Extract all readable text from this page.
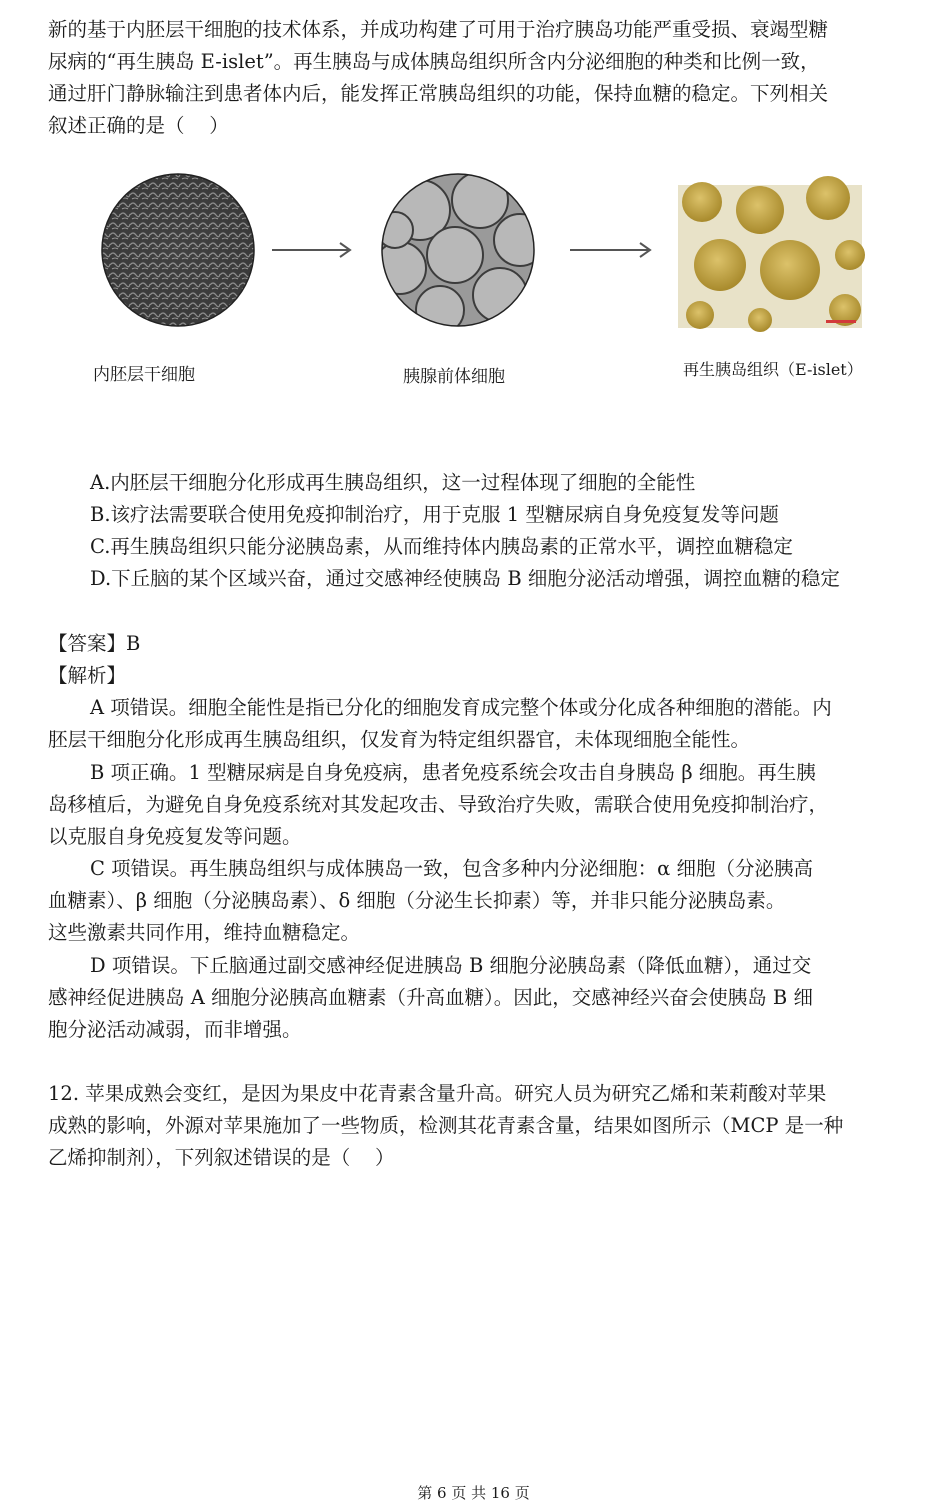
新的基于内胚层干细胞的技术体系，并成功构建了可用于治疗胰岛功能严重受损、衰竭型糖
尿病的“再生胰岛 E-islet”。再生胰岛与成体胰岛组织所含内分泌细胞的种类和比例一致，
通过肝门静脉输注到患者体内后，能发挥正常胰岛组织的功能，保持血糖的稳定。下列相关
叙述正确的是（    ）
内胚层干细胞	胰腺前体细胞	再生胰岛组织（E-islet）
A.内胚层干细胞分化形成再生胰岛组织，这一过程体现了细胞的全能性
B.该疗法需要联合使用免疫抑制治疗，用于克服 1 型糖尿病自身免疫复发等问题
C.再生胰岛组织只能分泌胰岛素，从而维持体内胰岛素的正常水平，调控血糖稳定
D.下丘脑的某个区域兴奋，通过交感神经使胰岛 B 细胞分泌活动增强，调控血糖的稳定
【答案】B
【解析】
A 项错误。细胞全能性是指已分化的细胞发育成完整个体或分化成各种细胞的潜能。内
胚层干细胞分化形成再生胰岛组织，仅发育为特定组织器官，未体现细胞全能性。
B 项正确。1 型糖尿病是自身免疫病，患者免疫系统会攻击自身胰岛 β 细胞。再生胰
岛移植后，为避免自身免疫系统对其发起攻击、导致治疗失败，需联合使用免疫抑制治疗，
以克服自身免疫复发等问题。
C 项错误。再生胰岛组织与成体胰岛一致，包含多种内分泌细胞：α 细胞（分泌胰高
血糖素）、β 细胞（分泌胰岛素）、δ 细胞（分泌生长抑素）等，并非只能分泌胰岛素。
这些激素共同作用，维持血糖稳定。
D 项错误。下丘脑通过副交感神经促进胰岛 B 细胞分泌胰岛素（降低血糖），通过交
感神经促进胰岛 A 细胞分泌胰高血糖素（升高血糖）。因此，交感神经兴奋会使胰岛 B 细
胞分泌活动减弱，而非增强。
12. 苹果成熟会变红，是因为果皮中花青素含量升高。研究人员为研究乙烯和茉莉酸对苹果
成熟的影响，外源对苹果施加了一些物质，检测其花青素含量，结果如图所示（MCP 是一种
乙烯抑制剂），下列叙述错误的是（    ）
第 6 页 共 16 页
